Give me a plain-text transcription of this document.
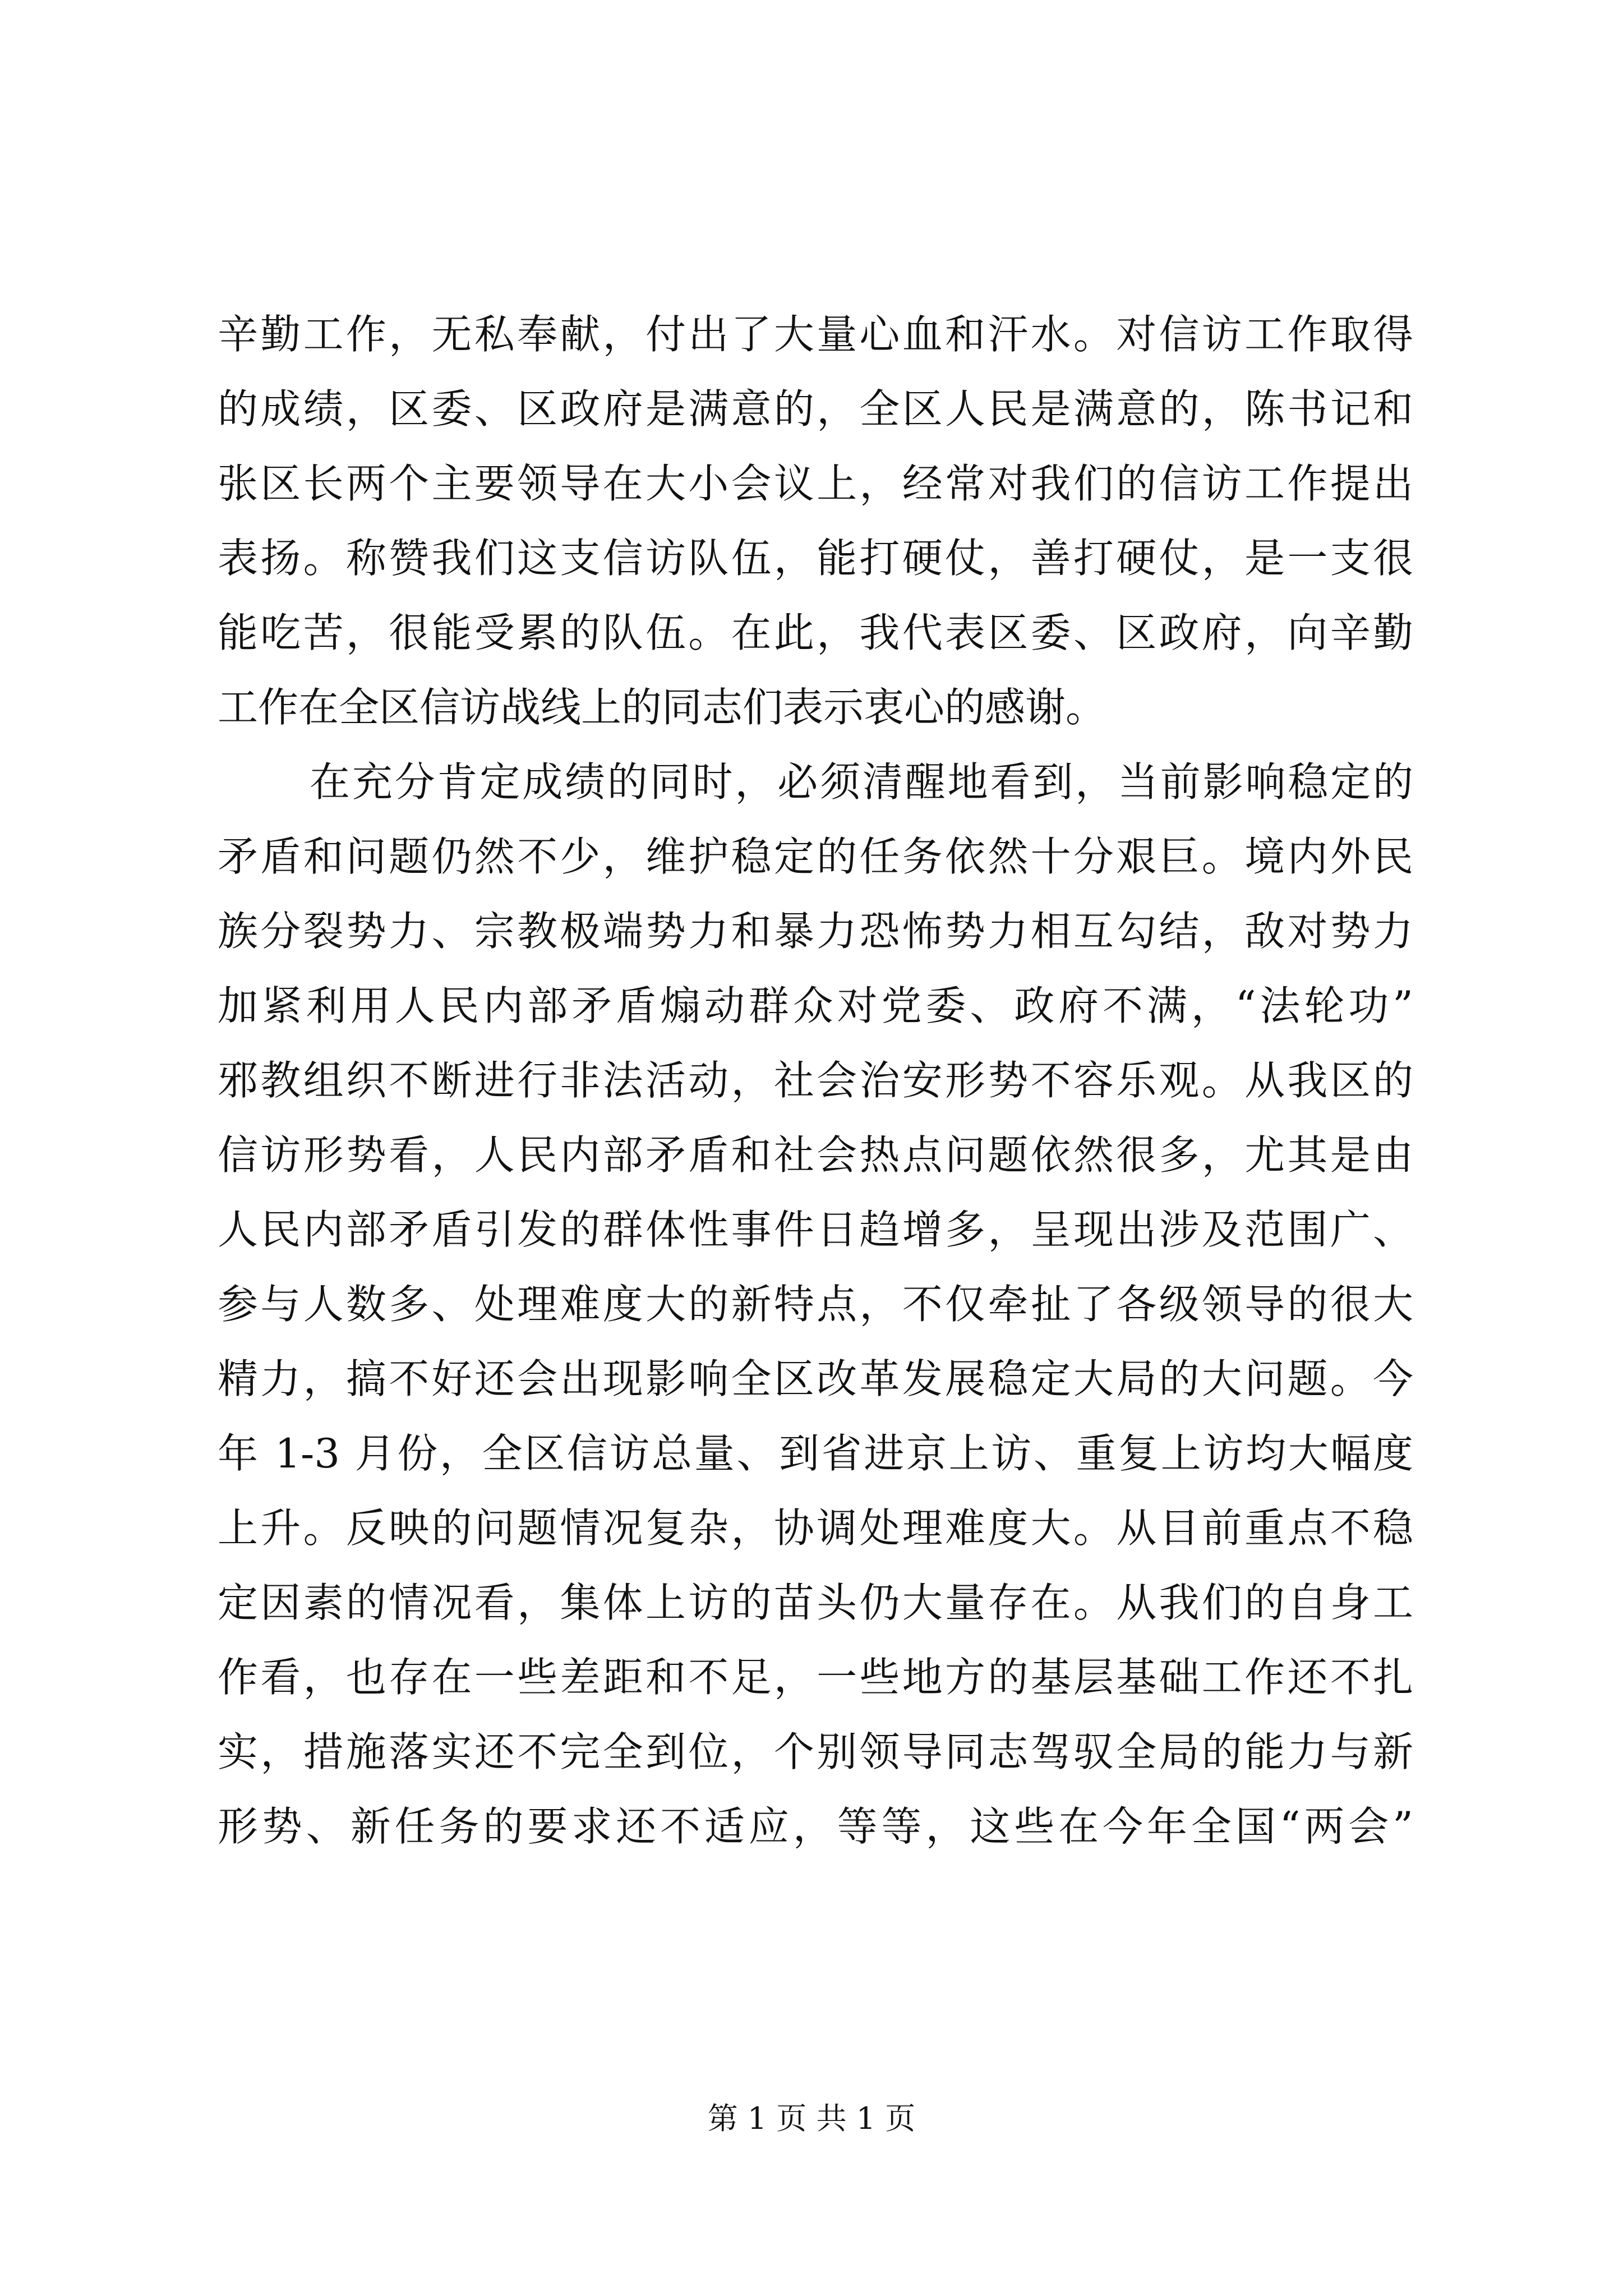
辛勤工作，无私奉献，付出了大量心血和汗水。对信访工作取得
的成绩，区委、区政府是满意的，全区人民是满意的，陈书记和
张区长两个主要领导在大小会议上，经常对我们的信访工作提出
表扬。称赞我们这支信访队伍，能打硬仗，善打硬仗，是一支很
能吃苦，很能受累的队伍。在此，我代表区委、区政府，向辛勤
工作在全区信访战线上的同志们表示衷心的感谢。
在充分肯定成绩的同时，必须清醒地看到，当前影响稳定的
矛盾和问题仍然不少，维护稳定的任务依然十分艰巨。境内外民
族分裂势力、宗教极端势力和暴力恐怖势力相互勾结，敌对势力
加紧利用人民内部矛盾煽动群众对党委、政府不满，“法轮功”
邪教组织不断进行非法活动，社会治安形势不容乐观。从我区的
信访形势看，人民内部矛盾和社会热点问题依然很多，尤其是由
人民内部矛盾引发的群体性事件日趋增多，呈现出涉及范围广、
参与人数多、处理难度大的新特点，不仅牵扯了各级领导的很大
精力，搞不好还会出现影响全区改革发展稳定大局的大问题。今
年 1-3 月份，全区信访总量、到省进京上访、重复上访均大幅度
上升。反映的问题情况复杂，协调处理难度大。从目前重点不稳
定因素的情况看，集体上访的苗头仍大量存在。从我们的自身工
作看，也存在一些差距和不足，一些地方的基层基础工作还不扎
实，措施落实还不完全到位，个别领导同志驾驭全局的能力与新
形势、新任务的要求还不适应，等等，这些在今年全国“两会”
第 1 页 共 1 页
